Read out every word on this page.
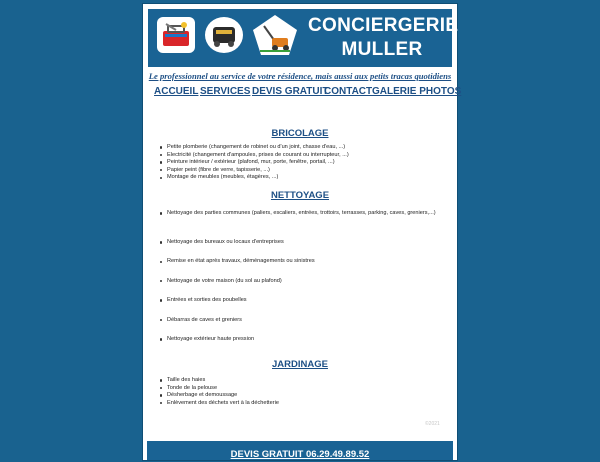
CONCIERGERIE
MULLER
Le professionnel au service de votre résidence, mais aussi aux petits tracas quotidiens
ACCUEIL SERVICES DEVIS GRATUIT
CONTACT GALERIE PHOTOS
BRICOLAGE
Petite plomberie (changement de robinet ou d'un joint, chasse d'eau, ...)
Electricité (changement d'ampoules, prises de courant ou interrupteur, ...)
Peinture intérieur / extérieur (plafond, mur, porte, fenêtre, portail, ...)
Papier peint (fibre de verre, tapisserie, ...)
Montage de meubles (meubles, étagères, ...)
NETTOYAGE
Nettoyage des parties communes (paliers, escaliers, entrées, trottoirs, terrasses, parking, caves, greniers,...)
Nettoyage des bureaux ou locaux d'entreprises
Remise en état après travaux, déménagements ou sinistres
Nettoyage de votre maison (du sol au plafond)
Entrées et sorties des poubelles
Débarras de caves et greniers
Nettoyage extérieur haute pression
JARDINAGE
Taille des haies
Tonde de la pelouse
Désherbage et demoussage
Enlèvement des déchets vert à la déchetterie
©2021
DEVIS GRATUIT 06.29.49.89.52
